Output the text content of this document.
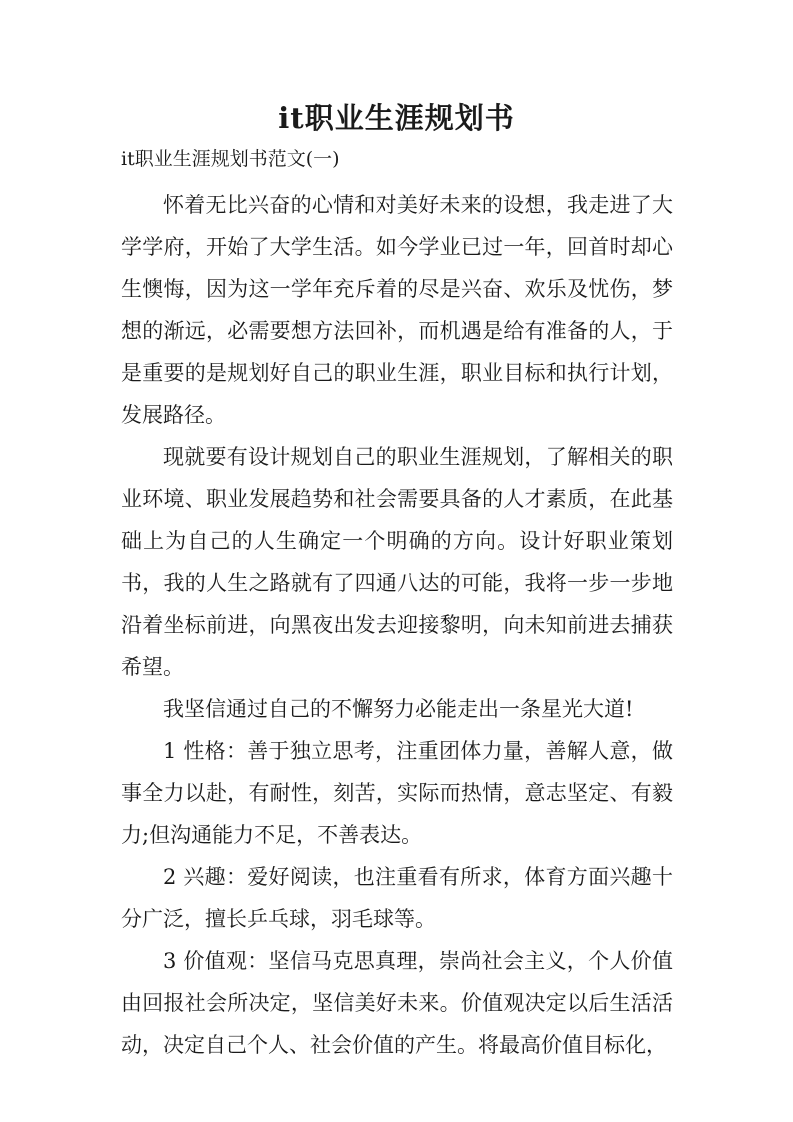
it职业生涯规划书
it职业生涯规划书范文(一)

怀着无比兴奋的心情和对美好未来的设想，我走进了大学学府，开始了大学生活。如今学业已过一年，回首时却心生懊悔，因为这一学年充斥着的尽是兴奋、欢乐及忧伤，梦想的渐远，必需要想方法回补，而机遇是给有准备的人，于是重要的是规划好自己的职业生涯，职业目标和执行计划，发展路径。

现就要有设计规划自己的职业生涯规划，了解相关的职业环境、职业发展趋势和社会需要具备的人才素质，在此基础上为自己的人生确定一个明确的方向。设计好职业策划书，我的人生之路就有了四通八达的可能，我将一步一步地沿着坐标前进，向黑夜出发去迎接黎明，向未知前进去捕获希望。

我坚信通过自己的不懈努力必能走出一条星光大道!

1 性格：善于独立思考，注重团体力量，善解人意，做事全力以赴，有耐性，刻苦，实际而热情，意志坚定、有毅力;但沟通能力不足，不善表达。

2 兴趣：爱好阅读，也注重看有所求，体育方面兴趣十分广泛，擅长乒乓球，羽毛球等。

3 价值观：坚信马克思真理，崇尚社会主义，个人价值由回报社会所决定，坚信美好未来。价值观决定以后生活活动，决定自己个人、社会价值的产生。将最高价值目标化，
